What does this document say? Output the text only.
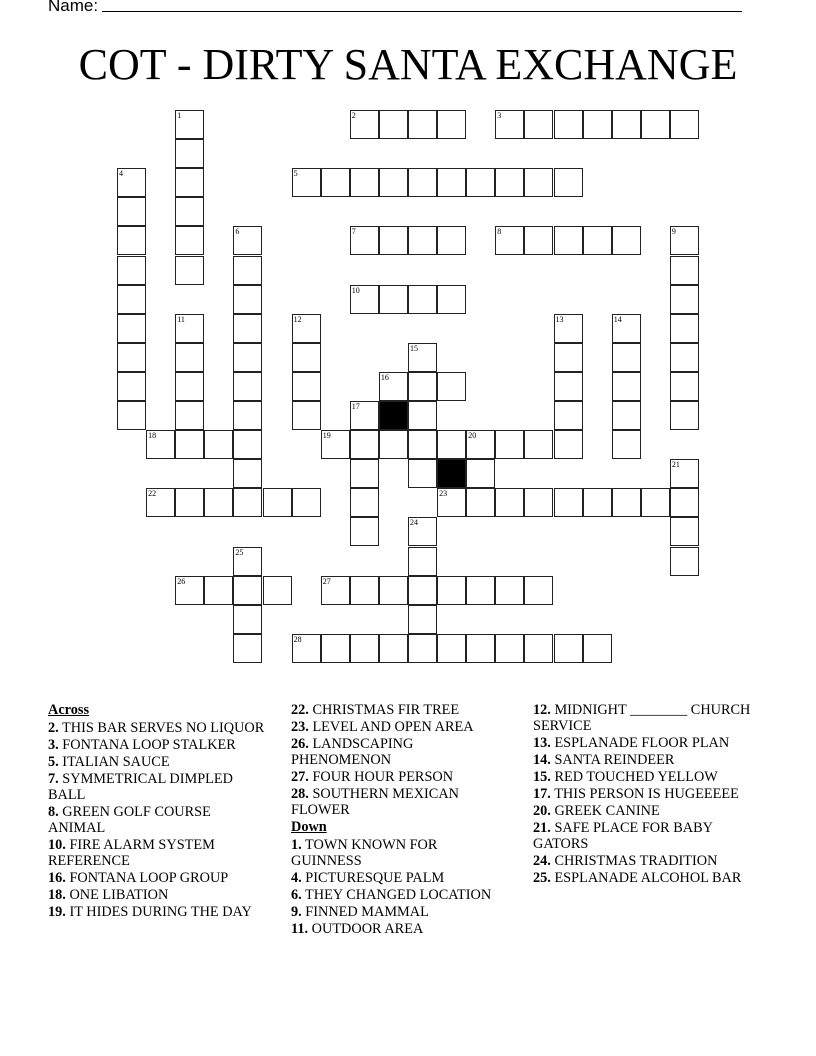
Name:
COT - DIRTY SANTA EXCHANGE
1	2	3
4	5
6	7	8	9
10
11	12	13	14
15
16
17
18	19	20
21
22	23
24
25
26	27
28
Across
2. THIS BAR SERVES NO LIQUOR
3. FONTANA LOOP STALKER
5. ITALIAN SAUCE
7. SYMMETRICAL DIMPLED BALL
8. GREEN GOLF COURSE ANIMAL
10. FIRE ALARM SYSTEM REFERENCE
16. FONTANA LOOP GROUP
18. ONE LIBATION
19. IT HIDES DURING THE DAY
22. CHRISTMAS FIR TREE
23. LEVEL AND OPEN AREA
26. LANDSCAPING PHENOMENON
27. FOUR HOUR PERSON
28. SOUTHERN MEXICAN FLOWER
Down
1. TOWN KNOWN FOR GUINNESS
4. PICTURESQUE PALM
6. THEY CHANGED LOCATION
9. FINNED MAMMAL
11. OUTDOOR AREA
12. MIDNIGHT ________ CHURCH SERVICE
13. ESPLANADE FLOOR PLAN
14. SANTA REINDEER
15. RED TOUCHED YELLOW
17. THIS PERSON IS HUGEEEEE
20. GREEK CANINE
21. SAFE PLACE FOR BABY GATORS
24. CHRISTMAS TRADITION
25. ESPLANADE ALCOHOL BAR
